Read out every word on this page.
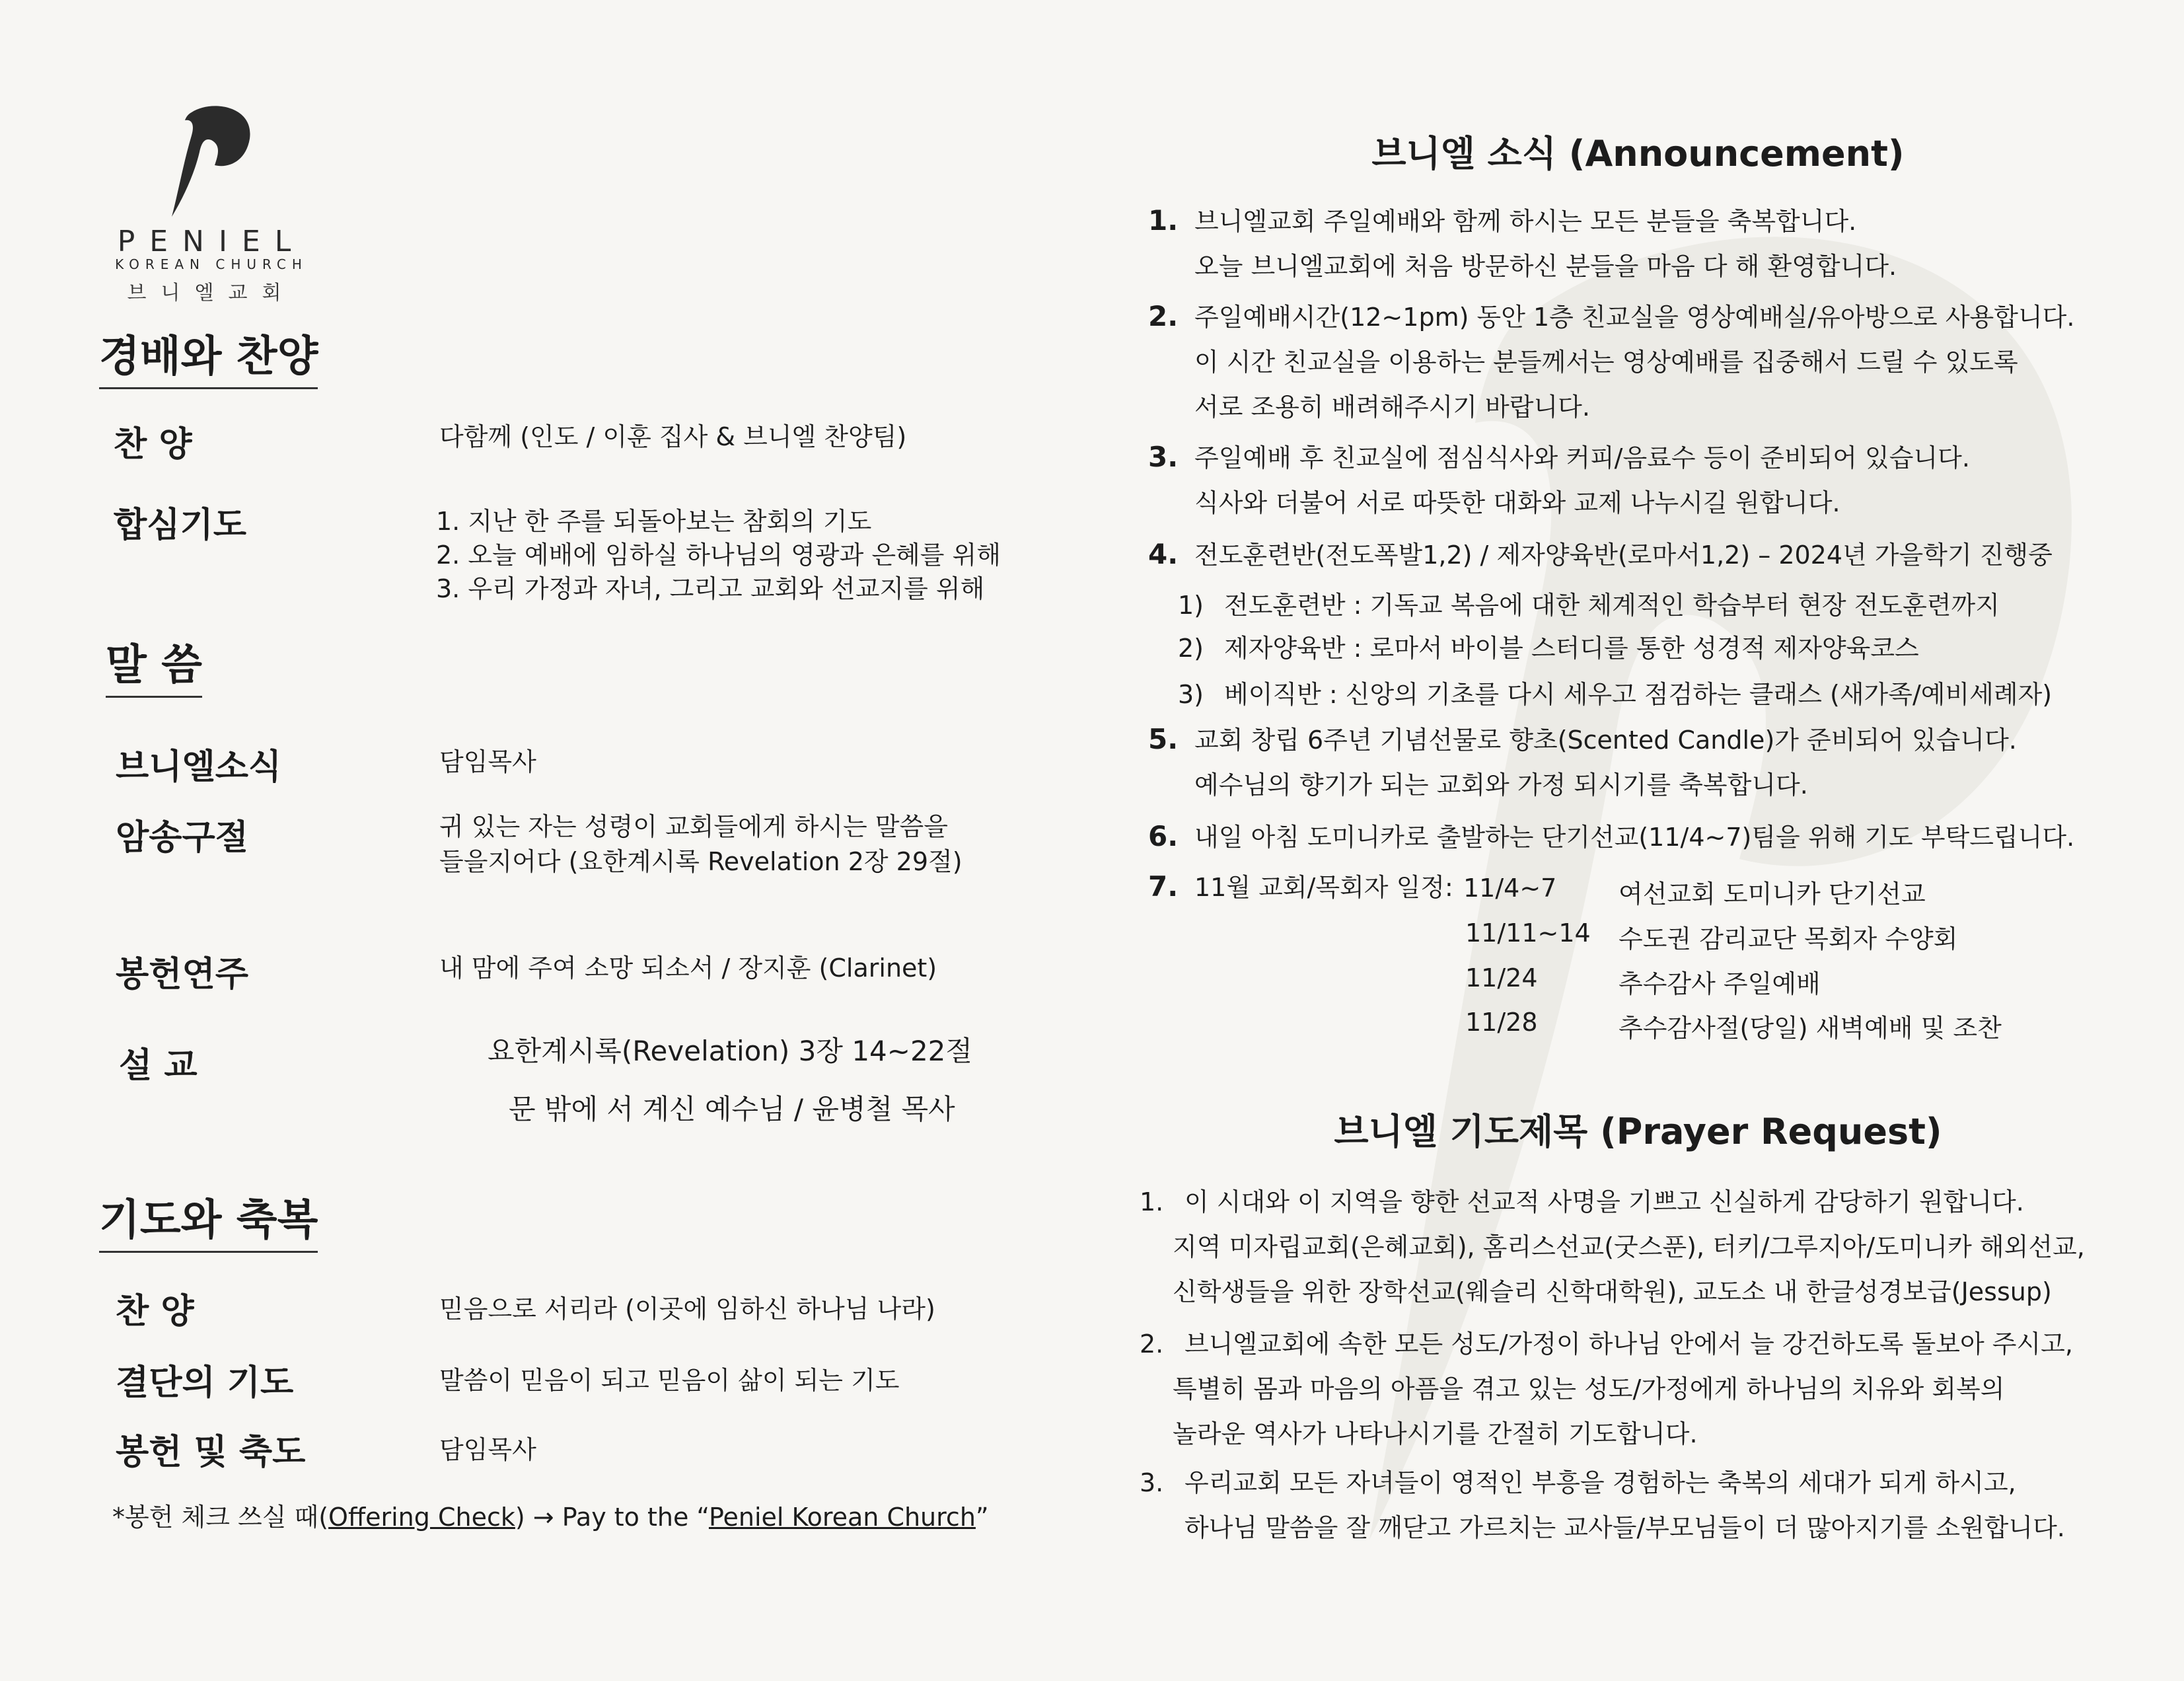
PENIEL
KOREAN CHURCH
브니엘교회
경배와 찬양
찬 양	다함께 (인도 / 이훈 집사 & 브니엘 찬양팀)
합심기도	1. 지난 한 주를 되돌아보는 참회의 기도
2. 오늘 예배에 임하실 하나님의 영광과 은혜를 위해
3. 우리 가정과 자녀, 그리고 교회와 선교지를 위해
말 씀
브니엘소식	담임목사
암송구절	귀 있는 자는 성령이 교회들에게 하시는 말씀을
들을지어다 (요한계시록 Revelation 2장 29절)
봉헌연주	내 맘에 주여 소망 되소서 / 장지훈 (Clarinet)
설 교	요한계시록(Revelation) 3장 14~22절
문 밖에 서 계신 예수님 / 윤병철 목사
기도와 축복
찬 양	믿음으로 서리라 (이곳에 임하신 하나님 나라)
결단의 기도	말씀이 믿음이 되고 믿음이 삶이 되는 기도
봉헌 및 축도	담임목사
*봉헌 체크 쓰실 때(Offering Check) → Pay to the “Peniel Korean Church”
브니엘 소식 (Announcement)
1. 브니엘교회 주일예배와 함께 하시는 모든 분들을 축복합니다.
오늘 브니엘교회에 처음 방문하신 분들을 마음 다 해 환영합니다.
2. 주일예배시간(12~1pm) 동안 1층 친교실을 영상예배실/유아방으로 사용합니다.
이 시간 친교실을 이용하는 분들께서는 영상예배를 집중해서 드릴 수 있도록
서로 조용히 배려해주시기 바랍니다.
3. 주일예배 후 친교실에 점심식사와 커피/음료수 등이 준비되어 있습니다.
식사와 더불어 서로 따뜻한 대화와 교제 나누시길 원합니다.
4. 전도훈련반(전도폭발1,2) / 제자양육반(로마서1,2) – 2024년 가을학기 진행중
1) 전도훈련반 : 기독교 복음에 대한 체계적인 학습부터 현장 전도훈련까지
2) 제자양육반 : 로마서 바이블 스터디를 통한 성경적 제자양육코스
3) 베이직반 : 신앙의 기초를 다시 세우고 점검하는 클래스 (새가족/예비세례자)
5. 교회 창립 6주년 기념선물로 향초(Scented Candle)가 준비되어 있습니다.
예수님의 향기가 되는 교회와 가정 되시기를 축복합니다.
6. 내일 아침 도미니카로 출발하는 단기선교(11/4~7)팀을 위해 기도 부탁드립니다.
7. 11월 교회/목회자 일정: 11/4~7 여선교회 도미니카 단기선교
11/11~14 수도권 감리교단 목회자 수양회
11/24	추수감사 주일예배
11/28	추수감사절(당일) 새벽예배 및 조찬
브니엘 기도제목 (Prayer Request)
1. 이 시대와 이 지역을 향한 선교적 사명을 기쁘고 신실하게 감당하기 원합니다.
지역 미자립교회(은혜교회), 홈리스선교(굿스푼), 터키/그루지아/도미니카 해외선교,
신학생들을 위한 장학선교(웨슬리 신학대학원), 교도소 내 한글성경보급(Jessup)
2. 브니엘교회에 속한 모든 성도/가정이 하나님 안에서 늘 강건하도록 돌보아 주시고,
특별히 몸과 마음의 아픔을 겪고 있는 성도/가정에게 하나님의 치유와 회복의
놀라운 역사가 나타나시기를 간절히 기도합니다.
3. 우리교회 모든 자녀들이 영적인 부흥을 경험하는 축복의 세대가 되게 하시고,
하나님 말씀을 잘 깨닫고 가르치는 교사들/부모님들이 더 많아지기를 소원합니다.
